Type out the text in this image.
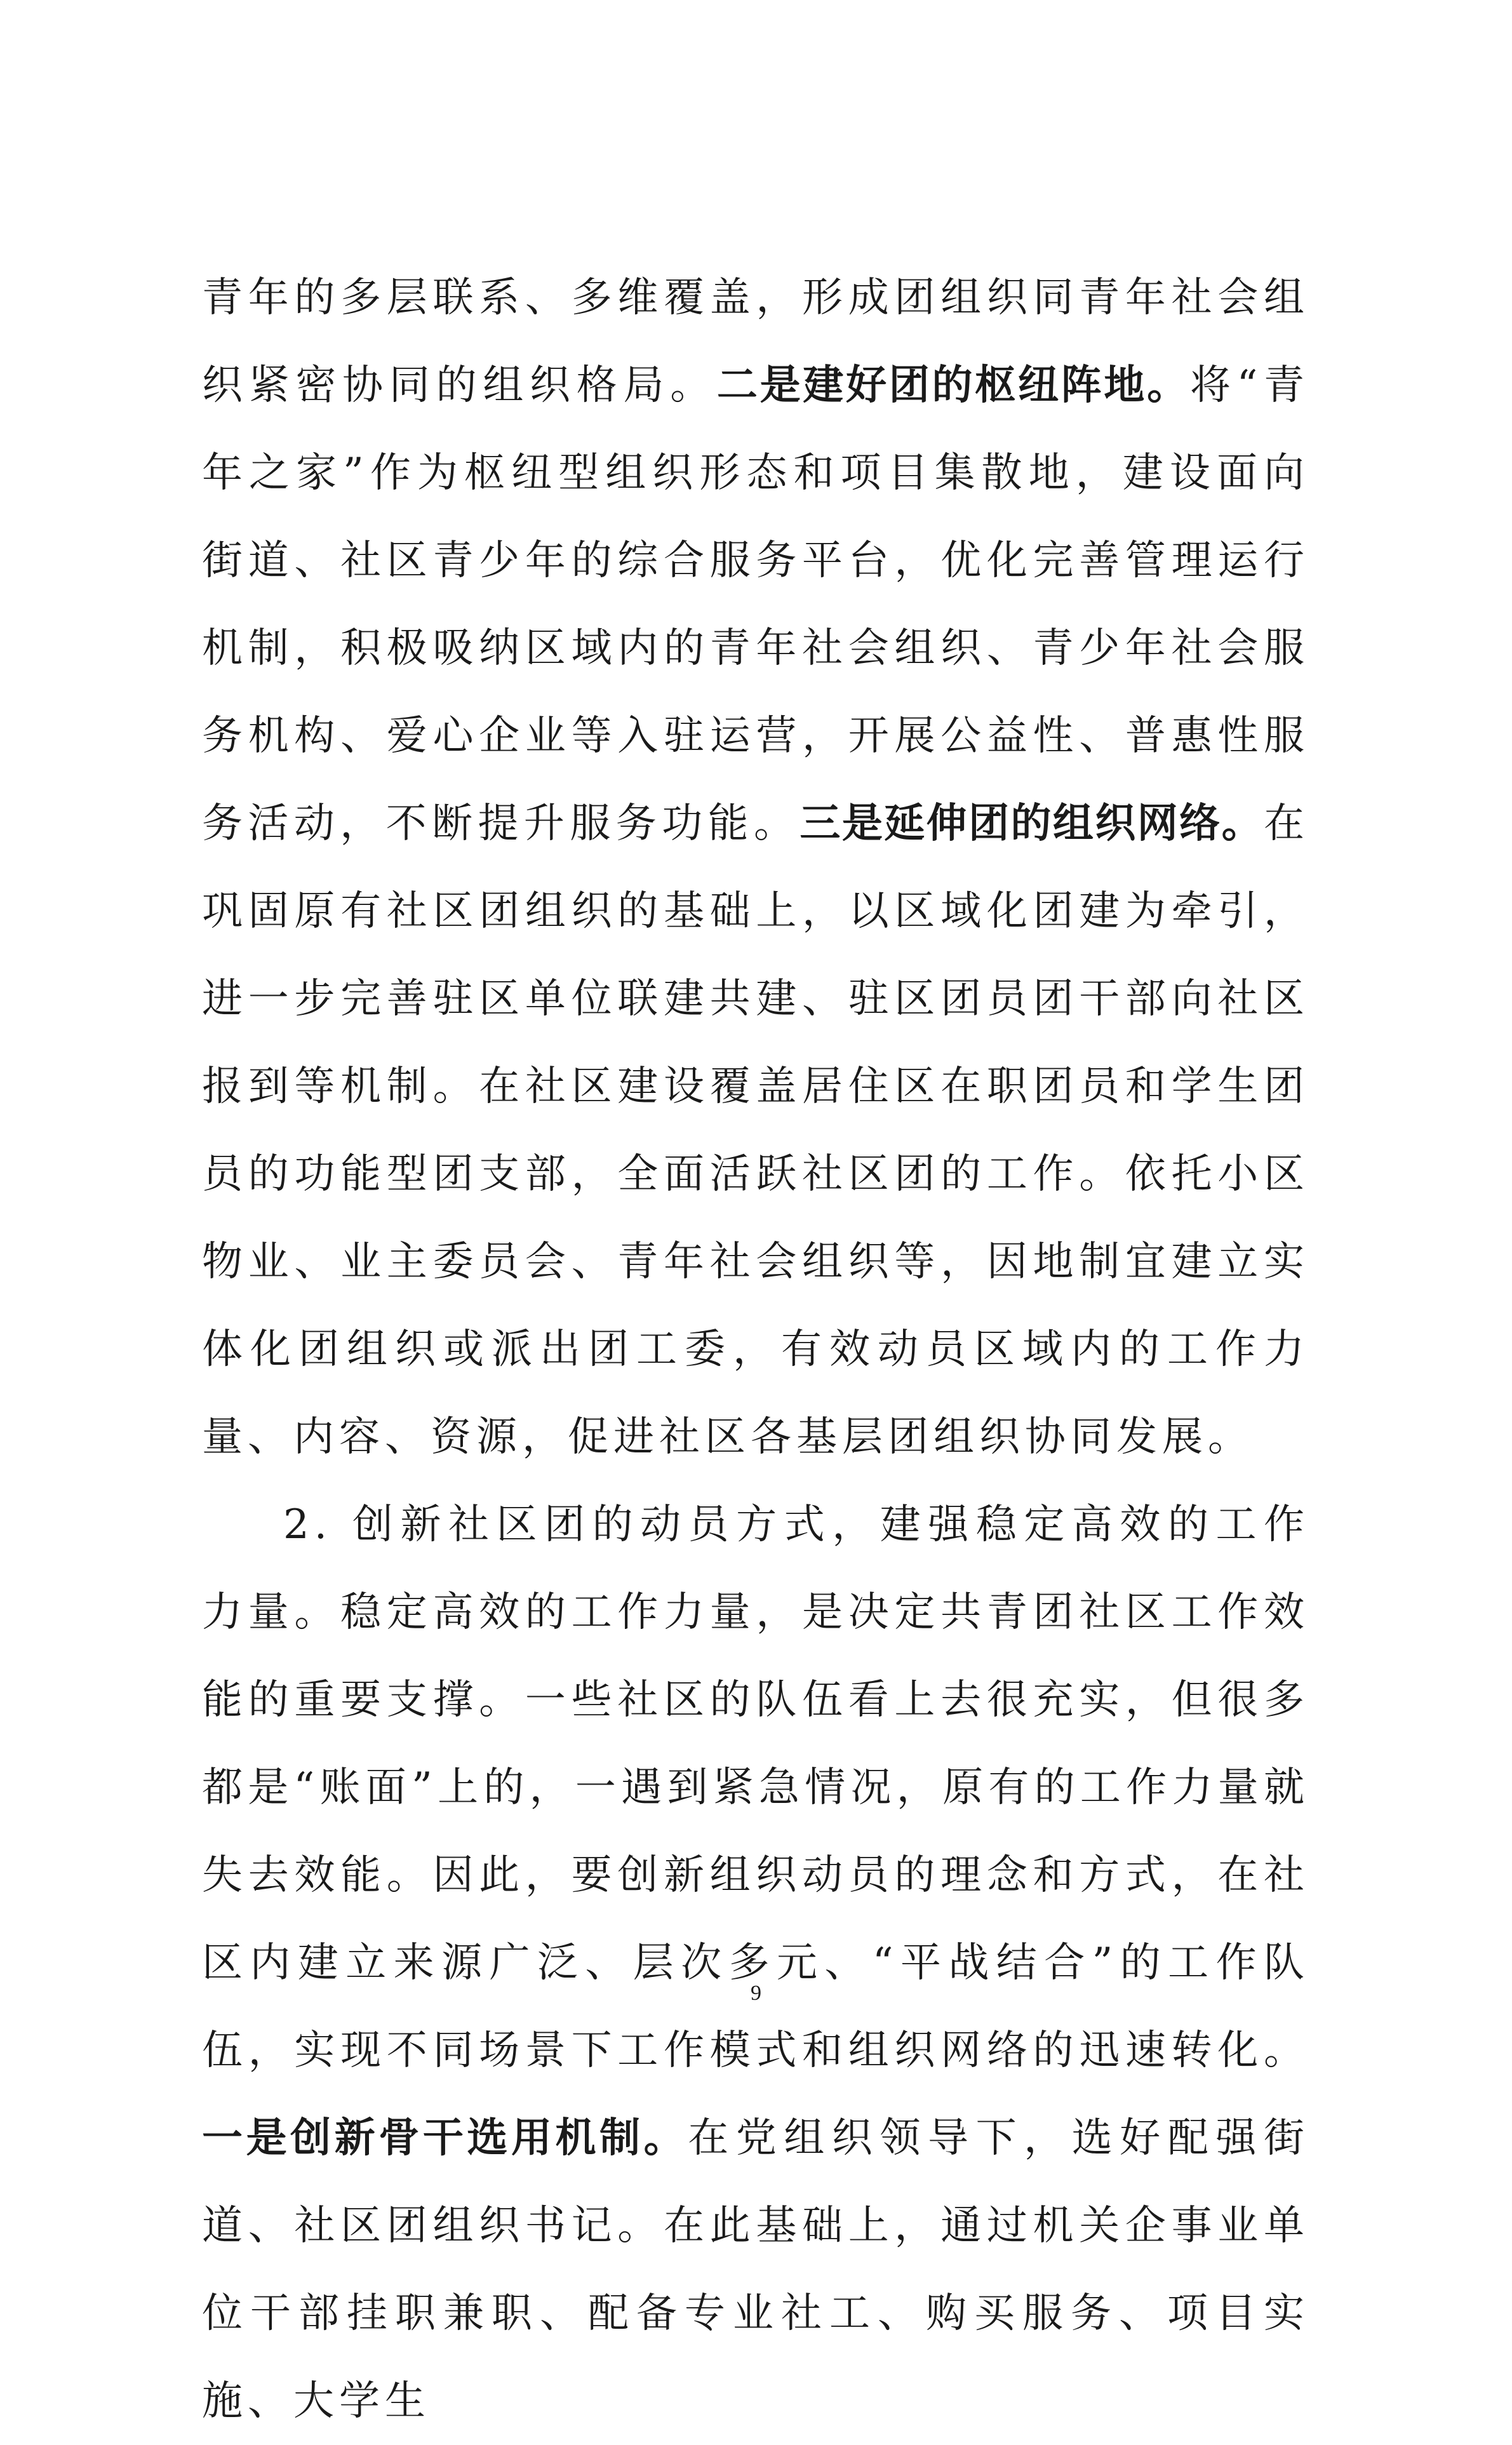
青年的多层联系、多维覆盖，形成团组织同青年社会组织紧密协同的组织格局。二是建好团的枢纽阵地。将“青年之家”作为枢纽型组织形态和项目集散地，建设面向街道、社区青少年的综合服务平台，优化完善管理运行机制，积极吸纳区域内的青年社会组织、青少年社会服务机构、爱心企业等入驻运营，开展公益性、普惠性服务活动，不断提升服务功能。三是延伸团的组织网络。在巩固原有社区团组织的基础上，以区域化团建为牵引，进一步完善驻区单位联建共建、驻区团员团干部向社区报到等机制。在社区建设覆盖居住区在职团员和学生团员的功能型团支部，全面活跃社区团的工作。依托小区物业、业主委员会、青年社会组织等，因地制宜建立实体化团组织或派出团工委，有效动员区域内的工作力量、内容、资源，促进社区各基层团组织协同发展。

2. 创新社区团的动员方式，建强稳定高效的工作力量。稳定高效的工作力量，是决定共青团社区工作效能的重要支撑。一些社区的队伍看上去很充实，但很多都是“账面”上的，一遇到紧急情况，原有的工作力量就失去效能。因此，要创新组织动员的理念和方式，在社区内建立来源广泛、层次多元、“平战结合”的工作队伍，实现不同场景下工作模式和组织网络的迅速转化。一是创新骨干选用机制。在党组织领导下，选好配强街道、社区团组织书记。在此基础上，通过机关企事业单位干部挂职兼职、配备专业社工、购买服务、项目实施、大学生

9
